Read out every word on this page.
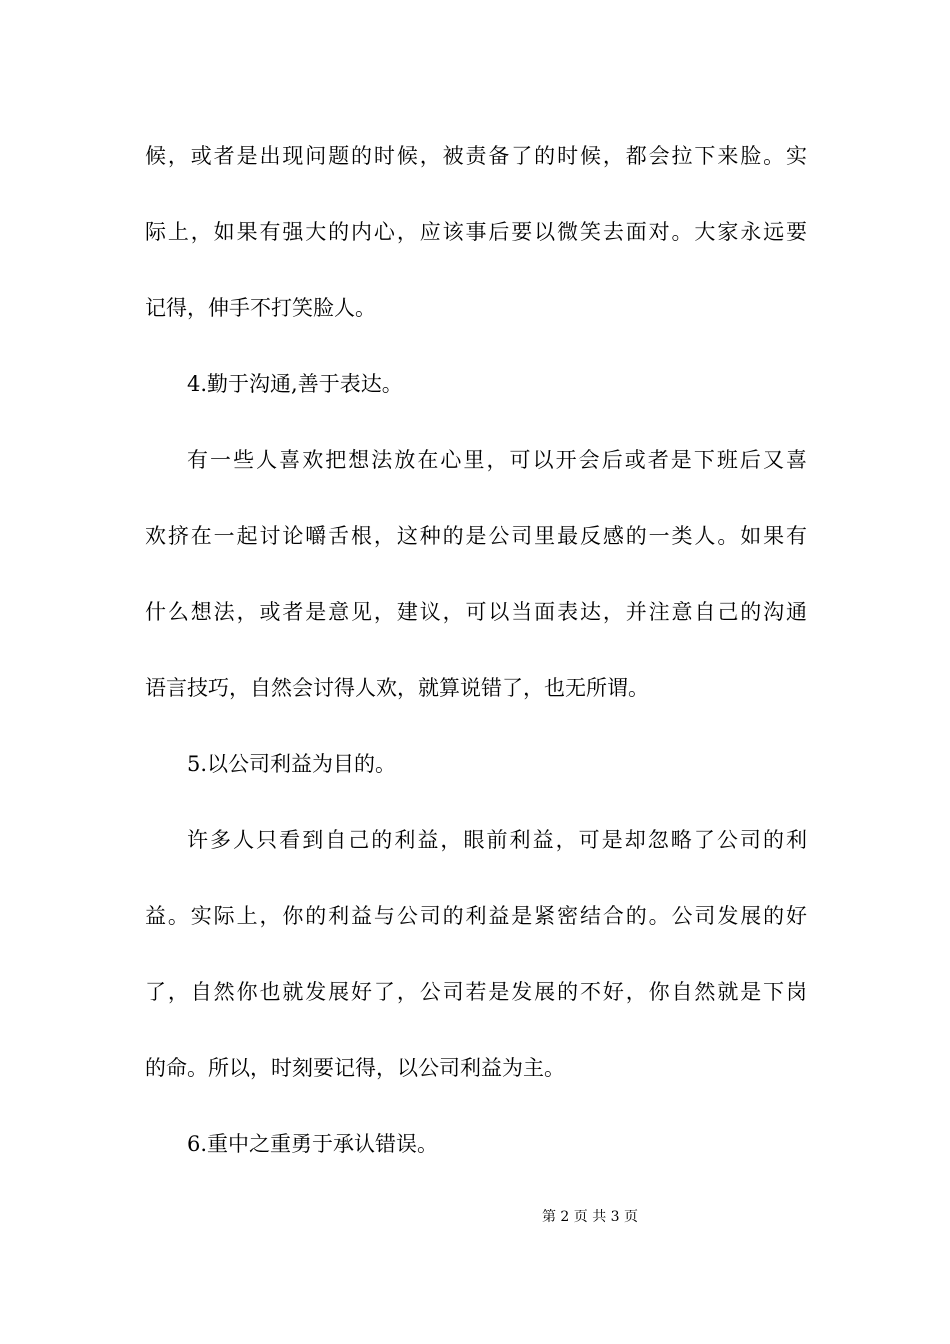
候，或者是出现问题的时候，被责备了的时候，都会拉下来脸。实
际上，如果有强大的内心，应该事后要以微笑去面对。大家永远要
记得，伸手不打笑脸人。
4.勤于沟通,善于表达。
有一些人喜欢把想法放在心里，可以开会后或者是下班后又喜
欢挤在一起讨论嚼舌根，这种的是公司里最反感的一类人。如果有
什么想法，或者是意见，建议，可以当面表达，并注意自己的沟通
语言技巧，自然会讨得人欢，就算说错了，也无所谓。
5.以公司利益为目的。
许多人只看到自己的利益，眼前利益，可是却忽略了公司的利
益。实际上，你的利益与公司的利益是紧密结合的。公司发展的好
了，自然你也就发展好了，公司若是发展的不好，你自然就是下岗
的命。所以，时刻要记得，以公司利益为主。
6.重中之重勇于承认错误。
第 2 页 共 3 页
